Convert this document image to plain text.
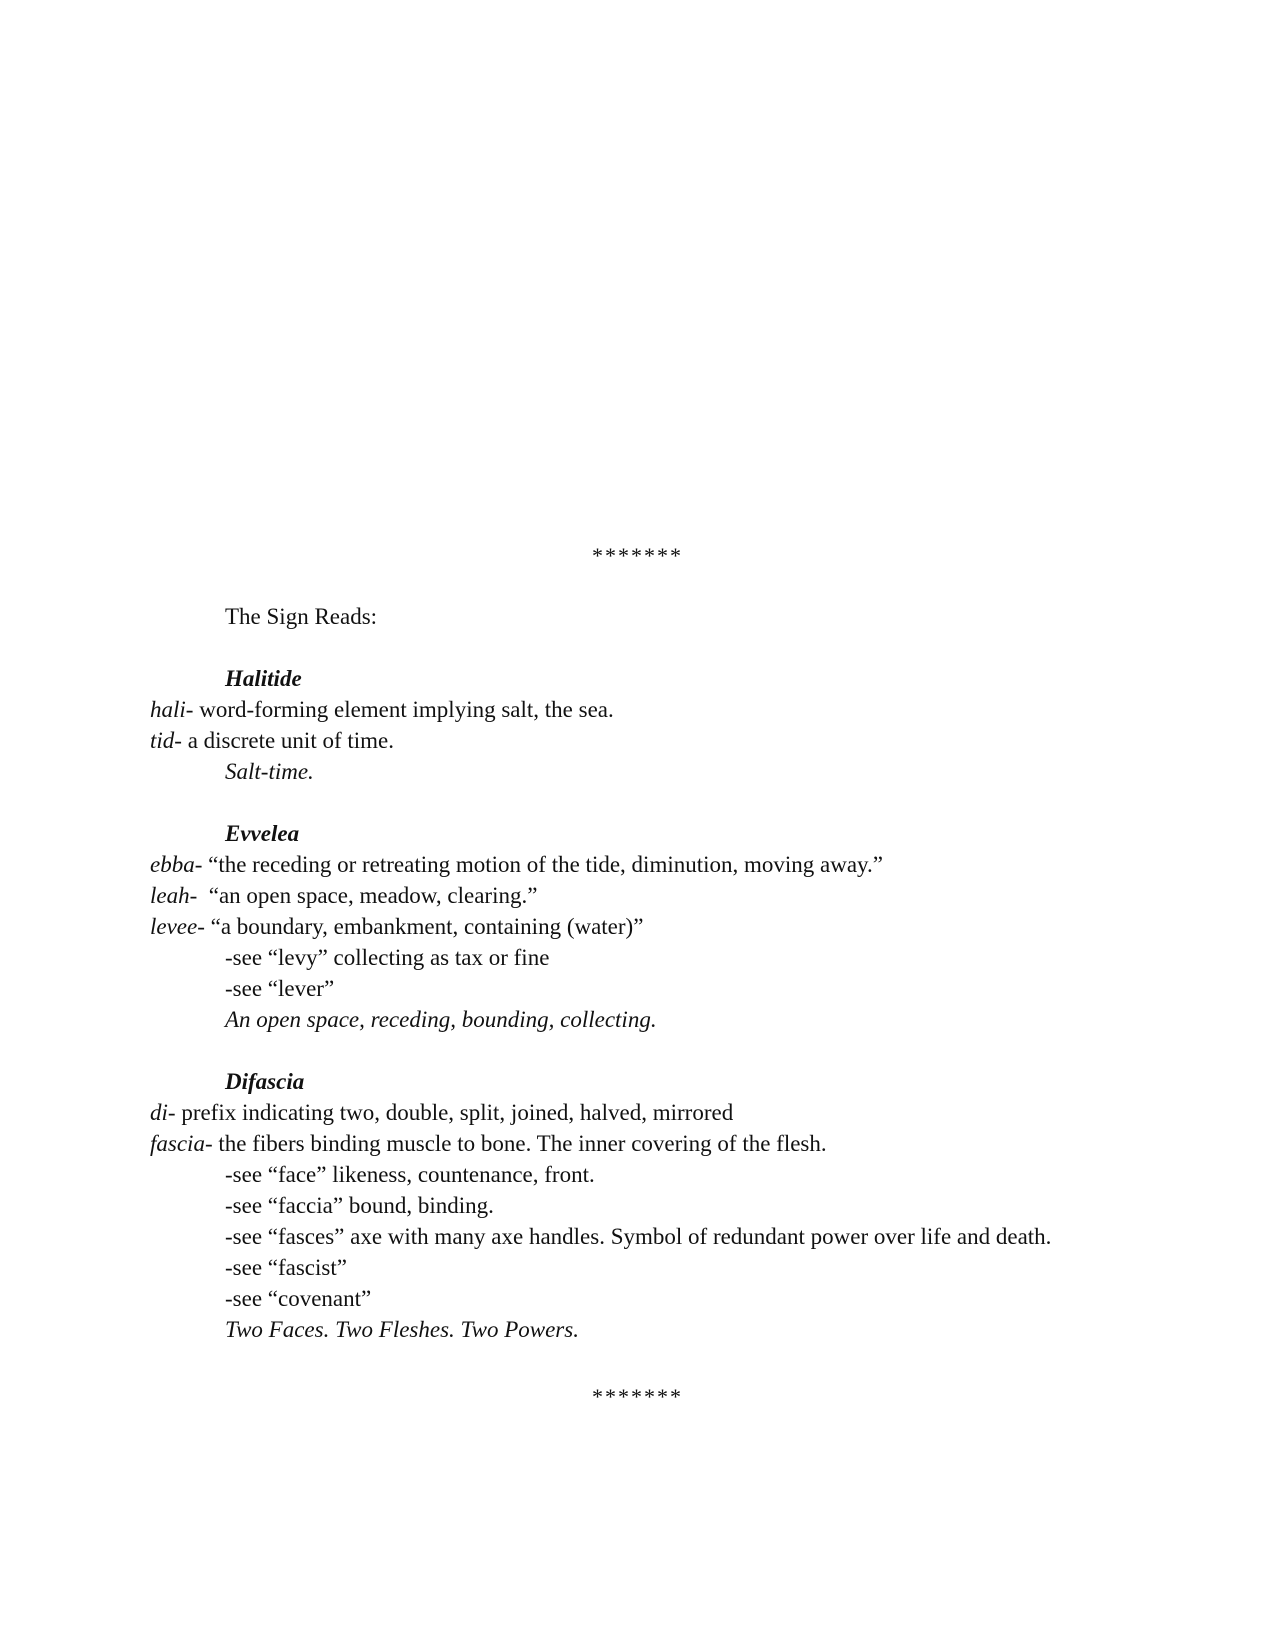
*******
The Sign Reads:
Halitide
hali- word-forming element implying salt, the sea.
tid- a discrete unit of time.
Salt-time.
Evvelea
ebba- “the receding or retreating motion of the tide, diminution, moving away.”
leah-  “an open space, meadow, clearing.”
levee- “a boundary, embankment, containing (water)”
-see “levy” collecting as tax or fine
-see “lever”
An open space, receding, bounding, collecting.
Difascia
di- prefix indicating two, double, split, joined, halved, mirrored
fascia- the fibers binding muscle to bone. The inner covering of the flesh.
-see “face” likeness, countenance, front.
-see “faccia” bound, binding.
-see “fasces” axe with many axe handles. Symbol of redundant power over life and death.
-see “fascist”
-see “covenant”
Two Faces. Two Fleshes. Two Powers.
*******
